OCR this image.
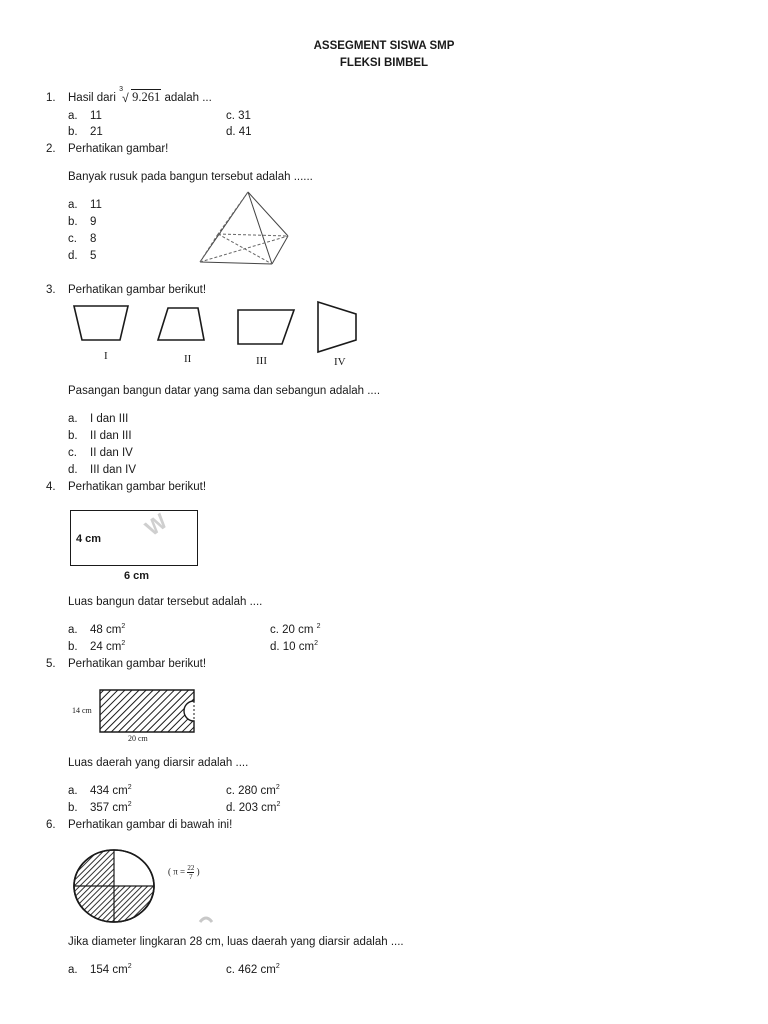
ASSEGMENT SISWA SMP
FLEKSI BIMBEL
1. Hasil dari
3
√ 9.261 adalah ...
a. 11	c. 31
b. 21	d. 41
2. Perhatikan gambar!
Banyak rusuk pada bangun tersebut adalah ......
a. 11
b. 9
c. 8
d. 5
3. Perhatikan gambar berikut!
I	II	III	IV
Pasangan bangun datar yang sama dan sebangun adalah ....
a. I dan III
b. II dan III
c. II dan IV
d. III dan IV
4. Perhatikan gambar berikut!
4 cm
6 cm
W
Luas bangun datar tersebut adalah ....
a. 48 $cm^2$	c. 20 cm $^2$
b. 24 $cm^2$	d. 10 $cm^2$
5. Perhatikan gambar berikut!
14 cm
20 cm
Luas daerah yang diarsir adalah ....
a. 434 $cm^2$	c. 280 $cm^2$
b. 357 $cm^2$	d. 203 $cm^2$
6. Perhatikan gambar di bawah ini!
( $\pi = \frac{22}{7}$ )
Jika diameter lingkaran 28 cm, luas daerah yang diarsir adalah ....
a. 154 $cm^2$	c. 462 $cm^2$
